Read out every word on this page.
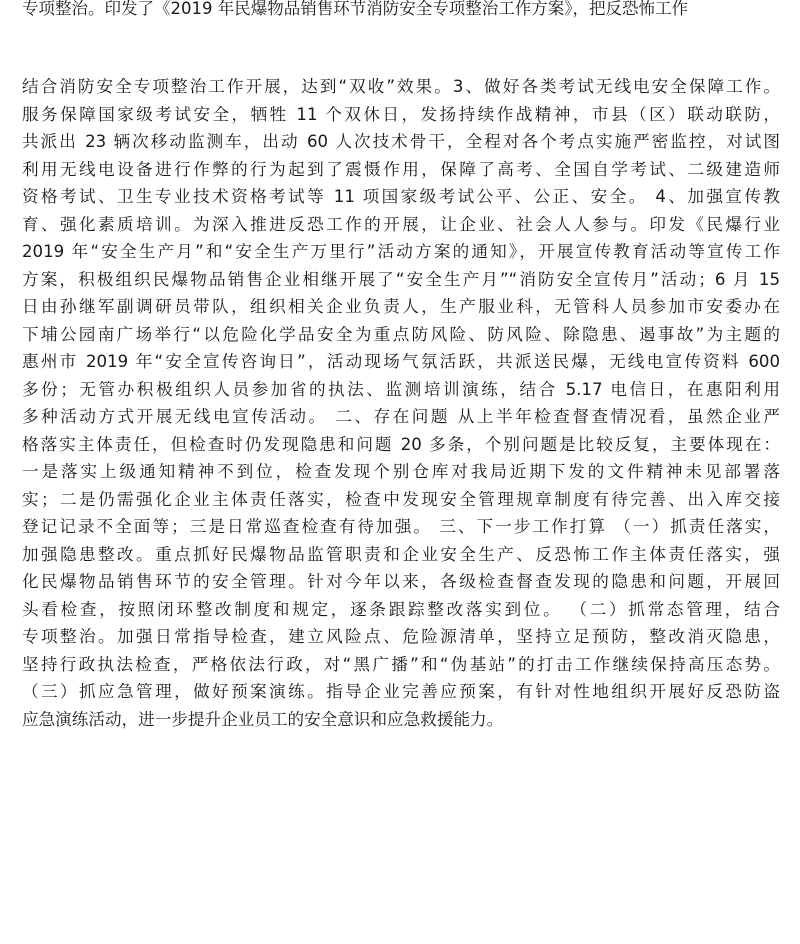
专项整治。印发了《2019 年民爆物品销售环节消防安全专项整治工作方案》，把反恐怖工作
结合消防安全专项整治工作开展，达到“双收”效果。3、做好各类考试无线电安全保障工作。
服务保障国家级考试安全，牺牲 11 个双休日，发扬持续作战精神，市县（区）联动联防，
共派出 23 辆次移动监测车，出动 60 人次技术骨干，全程对各个考点实施严密监控，对试图
利用无线电设备进行作弊的行为起到了震慑作用，保障了高考、全国自学考试、二级建造师
资格考试、卫生专业技术资格考试等 11 项国家级考试公平、公正、安全。 4、加强宣传教
育、强化素质培训。为深入推进反恐工作的开展，让企业、社会人人参与。印发《民爆行业
2019 年“安全生产月”和“安全生产万里行”活动方案的通知》，开展宣传教育活动等宣传工作
方案，积极组织民爆物品销售企业相继开展了“安全生产月”“消防安全宣传月”活动；6 月 15
日由孙继军副调研员带队，组织相关企业负责人，生产服业科，无管科人员参加市安委办在
下埔公园南广场举行“以危险化学品安全为重点防风险、防风险、除隐患、遏事故”为主题的
惠州市 2019 年“安全宣传咨询日”，活动现场气氛活跃，共派送民爆，无线电宣传资料 600
多份；无管办积极组织人员参加省的执法、监测培训演练，结合 5.17 电信日，在惠阳利用
多种活动方式开展无线电宣传活动。 二、存在问题 从上半年检查督查情况看，虽然企业严
格落实主体责任，但检查时仍发现隐患和问题 20 多条，个别问题是比较反复，主要体现在：
一是落实上级通知精神不到位，检查发现个别仓库对我局近期下发的文件精神未见部署落
实；二是仍需强化企业主体责任落实，检查中发现安全管理规章制度有待完善、出入库交接
登记记录不全面等；三是日常巡查检查有待加强。 三、下一步工作打算 （一）抓责任落实，
加强隐患整改。重点抓好民爆物品监管职责和企业安全生产、反恐怖工作主体责任落实，强
化民爆物品销售环节的安全管理。针对今年以来，各级检查督查发现的隐患和问题，开展回
头看检查，按照闭环整改制度和规定，逐条跟踪整改落实到位。 （二）抓常态管理，结合
专项整治。加强日常指导检查，建立风险点、危险源清单，坚持立足预防，整改消灭隐患，
坚持行政执法检查，严格依法行政，对“黑广播”和“伪基站”的打击工作继续保持高压态势。
（三）抓应急管理，做好预案演练。指导企业完善应预案，有针对性地组织开展好反恐防盗
应急演练活动，进一步提升企业员工的安全意识和应急救援能力。
